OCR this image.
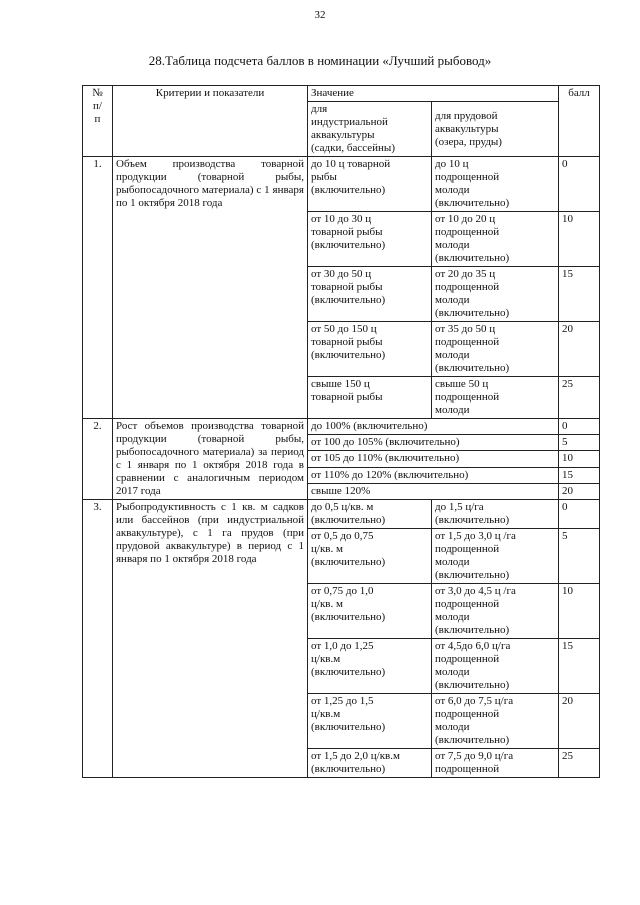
32
28.Таблица подсчета баллов в номинации «Лучший рыбовод»
№
п/
п	Критерии и показатели	Значение		балл
		для
индустриальной
аквакультуры
(садки, бассейны)	для прудовой
аквакультуры
(озера, пруды)	
1.	Объем производства товарной продукции (товарной рыбы, рыбопосадочного материала) с 1 января по 1 октября 2018 года	до 10 ц товарной
рыбы
(включительно)	до 10 ц
подрощенной
молоди
(включительно)	0
		от 10 до 30 ц
товарной рыбы
(включительно)	от 10 до 20 ц
подрощенной
молоди
(включительно)	10
		от 30 до 50 ц
товарной рыбы
(включительно)	от 20 до 35 ц
подрощенной
молоди
(включительно)	15
		от 50 до 150 ц
товарной рыбы
(включительно)	от 35 до 50 ц
подрощенной
молоди
(включительно)	20
		свыше 150 ц
товарной рыбы	свыше 50 ц
подрощенной
молоди	25
2.	Рост объемов производства товарной продукции (товарной рыбы, рыбопосадочного материала) за период с 1 января по 1 октября 2018 года в сравнении с аналогичным периодом 2017 года	до 100% (включительно)		0
		от 100 до 105% (включительно)		5
		от 105 до 110% (включительно)		10
		от 110% до 120% (включительно)		15
		свыше 120%		20
3.	Рыбопродуктивность с 1 кв. м садков или бассейнов (при индустриальной аквакультуре), с 1 га прудов (при прудовой аквакультуре) в период с 1 января по 1 октября 2018 года	до 0,5 ц/кв. м
(включительно)	до 1,5 ц/га
(включительно)	0
		от 0,5 до 0,75
ц/кв. м
(включительно)	от 1,5 до 3,0 ц /га
подрощенной
молоди
(включительно)	5
		от 0,75 до 1,0
ц/кв. м
(включительно)	от 3,0 до 4,5 ц /га
подрощенной
молоди
(включительно)	10
		от 1,0 до 1,25
ц/кв.м
(включительно)	от 4,5до 6,0 ц/га
подрощенной
молоди
(включительно)	15
		от 1,25 до 1,5
ц/кв.м
(включительно)	от 6,0 до 7,5 ц/га
подрощенной
молоди
(включительно)	20
		от 1,5 до 2,0 ц/кв.м
(включительно)	от 7,5 до 9,0 ц/га
подрощенной	25
